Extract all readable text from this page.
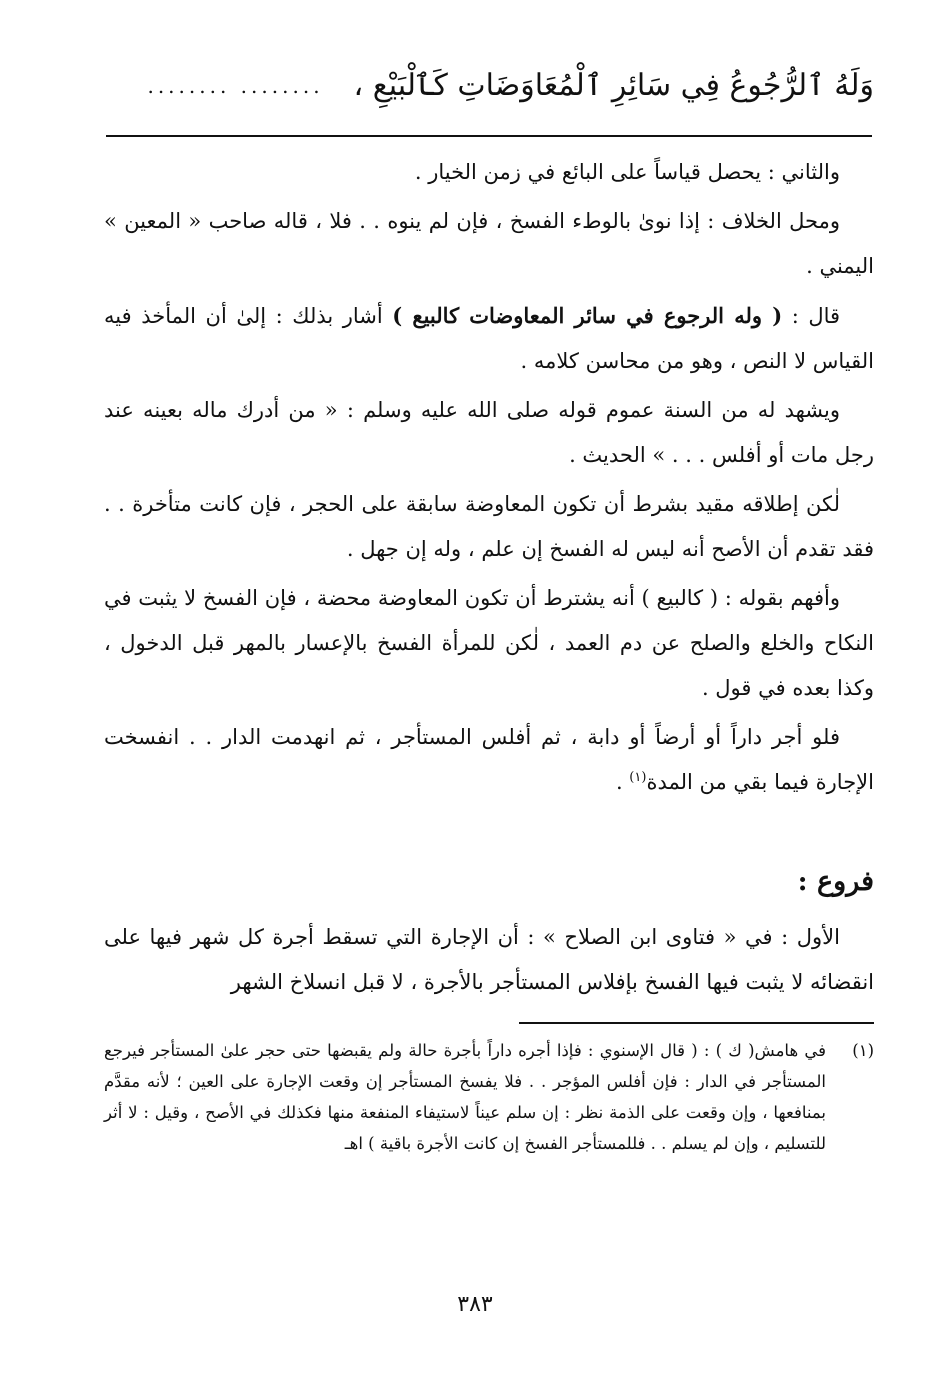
وَلَهُ ٱلرُّجُوعُ فِي سَائِرِ ٱلْمُعَاوَضَاتِ كَٱلْبَيْعِ ،
........ ........

والثاني : يحصل قياساً على البائع في زمن الخيار .

ومحل الخلاف : إذا نوىٰ بالوطء الفسخ ، فإن لم ينوه . . فلا ، قاله صاحب « المعين » اليمني .

قال : ( وله الرجوع في سائر المعاوضات كالبيع ) أشار بذلك : إلىٰ أن المأخذ فيه القياس لا النص ، وهو من محاسن كلامه .

ويشهد له من السنة عموم قوله صلى الله عليه وسلم : « من أدرك ماله بعينه عند رجل مات أو أفلس . . . » الحديث .

لٰكن إطلاقه مقيد بشرط أن تكون المعاوضة سابقة على الحجر ، فإن كانت متأخرة . . فقد تقدم أن الأصح أنه ليس له الفسخ إن علم ، وله إن جهل .

وأفهم بقوله : ( كالبيع ) أنه يشترط أن تكون المعاوضة محضة ، فإن الفسخ لا يثبت في النكاح والخلع والصلح عن دم العمد ، لٰكن للمرأة الفسخ بالإعسار بالمهر قبل الدخول ، وكذا بعده في قول .

فلو أجر داراً أو أرضاً أو دابة ، ثم أفلس المستأجر ، ثم انهدمت الدار . . انفسخت الإجارة فيما بقي من المدة$^{(١)}$ .

فروع :

الأول : في « فتاوى ابن الصلاح » : أن الإجارة التي تسقط أجرة كل شهر فيها على انقضائه لا يثبت فيها الفسخ بإفلاس المستأجر بالأجرة ، لا قبل انسلاخ الشهر

(١)
في هامش( ك ) : ( قال الإسنوي : فإذا أجره داراً بأجرة حالة ولم يقبضها حتى حجر علىٰ المستأجر فيرجع المستأجر في الدار : فإن أفلس المؤجر . . فلا يفسخ المستأجر إن وقعت الإجارة على العين ؛ لأنه مقدَّم بمنافعها ، وإن وقعت على الذمة نظر : إن سلم عيناً لاستيفاء المنفعة منها فكذلك في الأصح ، وقيل : لا أثر للتسليم ، وإن لم يسلم . . فللمستأجر الفسخ إن كانت الأجرة باقية ) اهـ
٣٨٣
